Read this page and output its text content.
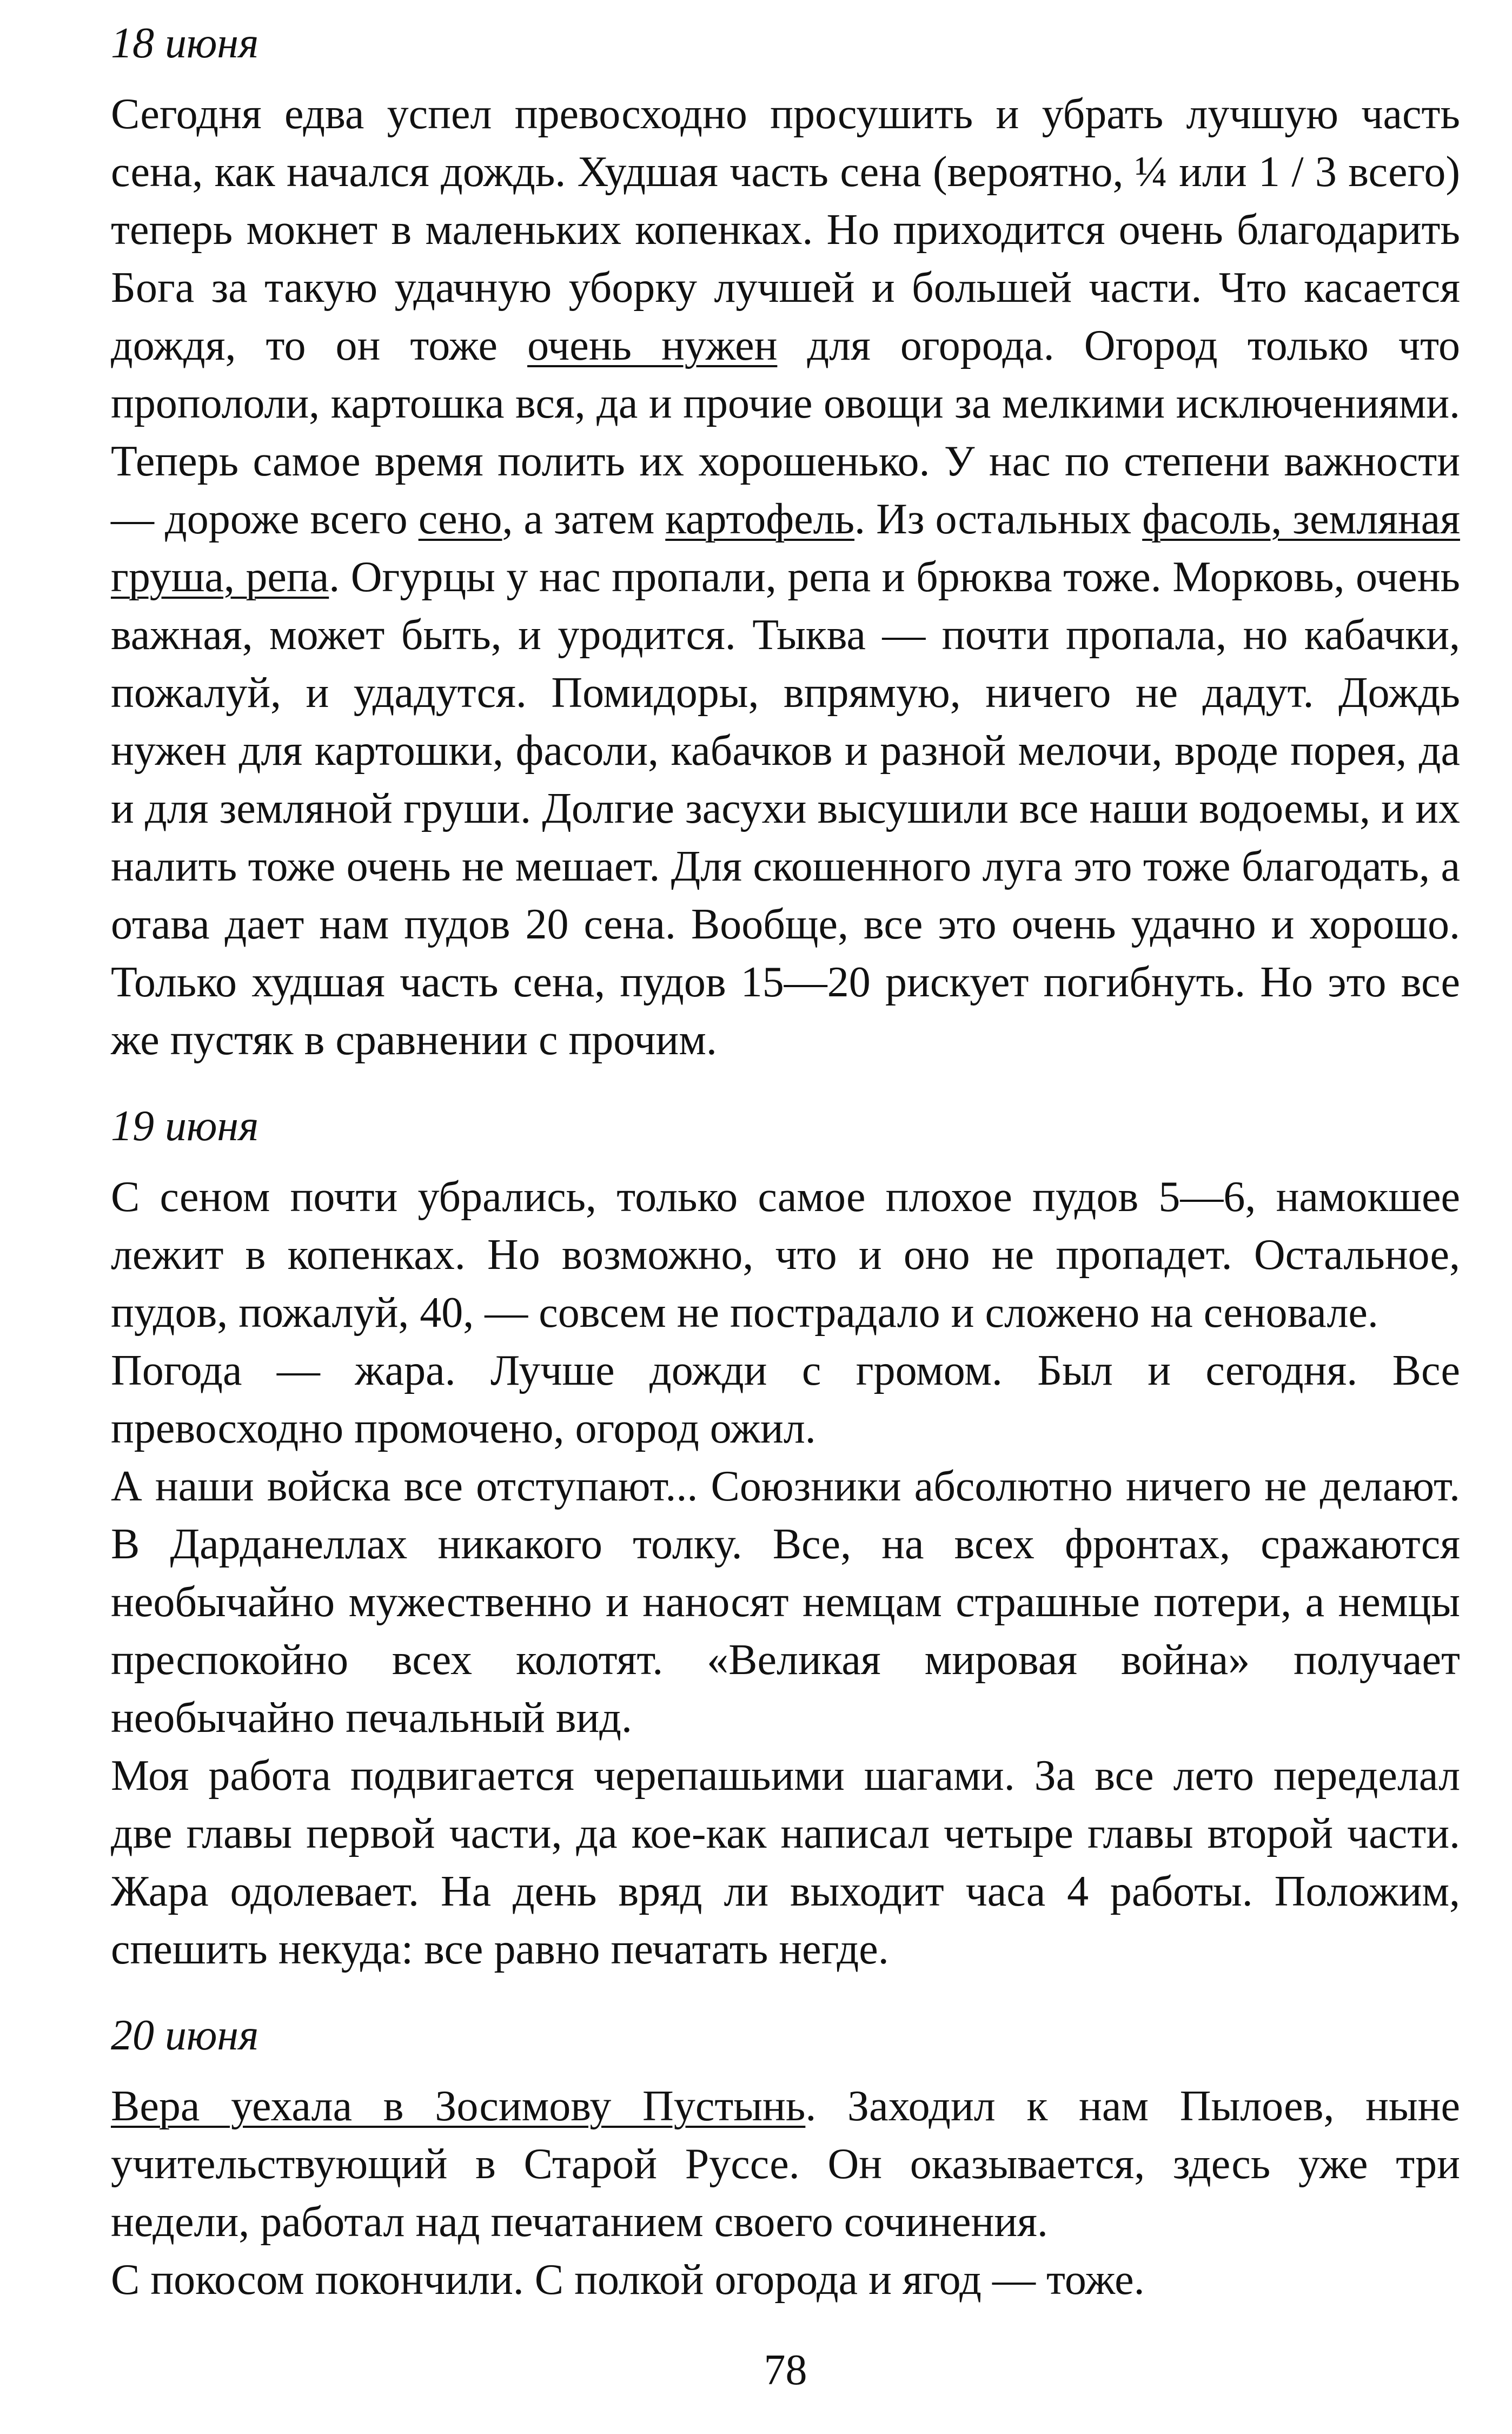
18 июня

Сегодня едва успел превосходно просушить и убрать лучшую часть сена, как начался дождь. Худшая часть сена (вероятно, ¼ или 1 / 3 всего) теперь мокнет в маленьких копенках. Но приходится очень благодарить Бога за такую удачную уборку лучшей и большей части. Что касается дождя, то он тоже очень нужен для огорода. Огород только что пропололи, картошка вся, да и прочие овощи за мелкими исключениями. Теперь самое время полить их хорошенько. У нас по степени важности — дороже всего сено, а затем картофель. Из остальных фасоль, земляная груша, репа. Огурцы у нас пропали, репа и брюква тоже. Морковь, очень важная, может быть, и уродится. Тыква — почти пропала, но кабачки, пожалуй, и удадутся. Помидоры, впрямую, ничего не дадут. Дождь нужен для картошки, фасоли, кабачков и разной мелочи, вроде порея, да и для земляной груши. Долгие засухи высушили все наши водоемы, и их налить тоже очень не мешает. Для скошенного луга это тоже благодать, а отава дает нам пудов 20 сена. Вообще, все это очень удачно и хорошо. Только худшая часть сена, пудов 15—20 рискует погибнуть. Но это все же пустяк в сравнении с прочим.

19 июня

С сеном почти убрались, только самое плохое пудов 5—6, намокшее лежит в копенках. Но возможно, что и оно не пропадет. Остальное, пудов, пожалуй, 40, — совсем не пострадало и сложено на сеновале.

Погода — жара. Лучше дожди с громом. Был и сегодня. Все превосходно промочено, огород ожил.

А наши войска все отступают... Союзники абсолютно ничего не делают. В Дарданеллах никакого толку. Все, на всех фронтах, сражаются необычайно мужественно и наносят немцам страшные потери, а немцы преспокойно всех колотят. «Великая мировая война» получает необычайно печальный вид.

Моя работа подвигается черепашьими шагами. За все лето переделал две главы первой части, да кое-как написал четыре главы второй части. Жара одолевает. На день вряд ли выходит часа 4 работы. Положим, спешить некуда: все равно печатать негде.

20 июня

Вера уехала в Зосимову Пустынь. Заходил к нам Пылоев, ныне учительствующий в Старой Руссе. Он оказывается, здесь уже три недели, работал над печатанием своего сочинения.

С покосом покончили. С полкой огорода и ягод — тоже.

78
